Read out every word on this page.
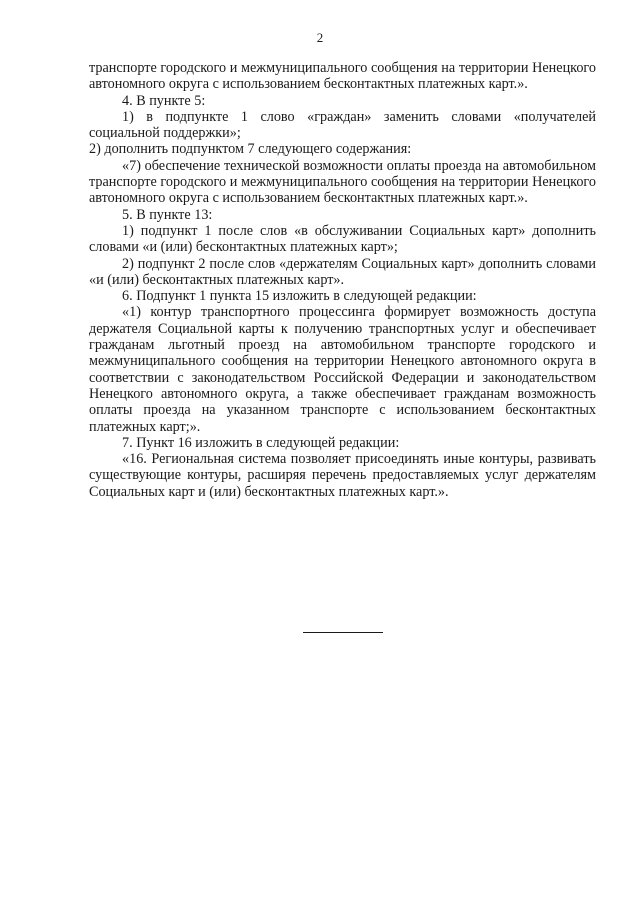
2

транспорте городского и межмуниципального сообщения на территории Ненецкого автономного округа с использованием бесконтактных платежных карт.».

4. В пункте 5:

1) в подпункте 1 слово «граждан» заменить словами «получателей социальной поддержки»;

2) дополнить подпунктом 7 следующего содержания:

«7) обеспечение технической возможности оплаты проезда на автомобильном транспорте городского и межмуниципального сообщения на территории Ненецкого автономного округа с использованием бесконтактных платежных карт.».

5. В пункте 13:

1) подпункт 1 после слов «в обслуживании Социальных карт» дополнить словами «и (или) бесконтактных платежных карт»;

2) подпункт 2 после слов «держателям Социальных карт» дополнить словами «и (или) бесконтактных платежных карт».

6. Подпункт 1 пункта 15 изложить в следующей редакции:

«1) контур транспортного процессинга формирует возможность доступа держателя Социальной карты к получению транспортных услуг и обеспечивает гражданам льготный проезд на автомобильном транспорте городского и межмуниципального сообщения на территории Ненецкого автономного округа в соответствии с законодательством Российской Федерации и законодательством Ненецкого автономного округа, а также обеспечивает гражданам возможность оплаты проезда на указанном транспорте с использованием бесконтактных платежных карт;».

7. Пункт 16 изложить в следующей редакции:

«16. Региональная система позволяет присоединять иные контуры, развивать существующие контуры, расширяя перечень предоставляемых услуг держателям Социальных карт и (или) бесконтактных платежных карт.».
